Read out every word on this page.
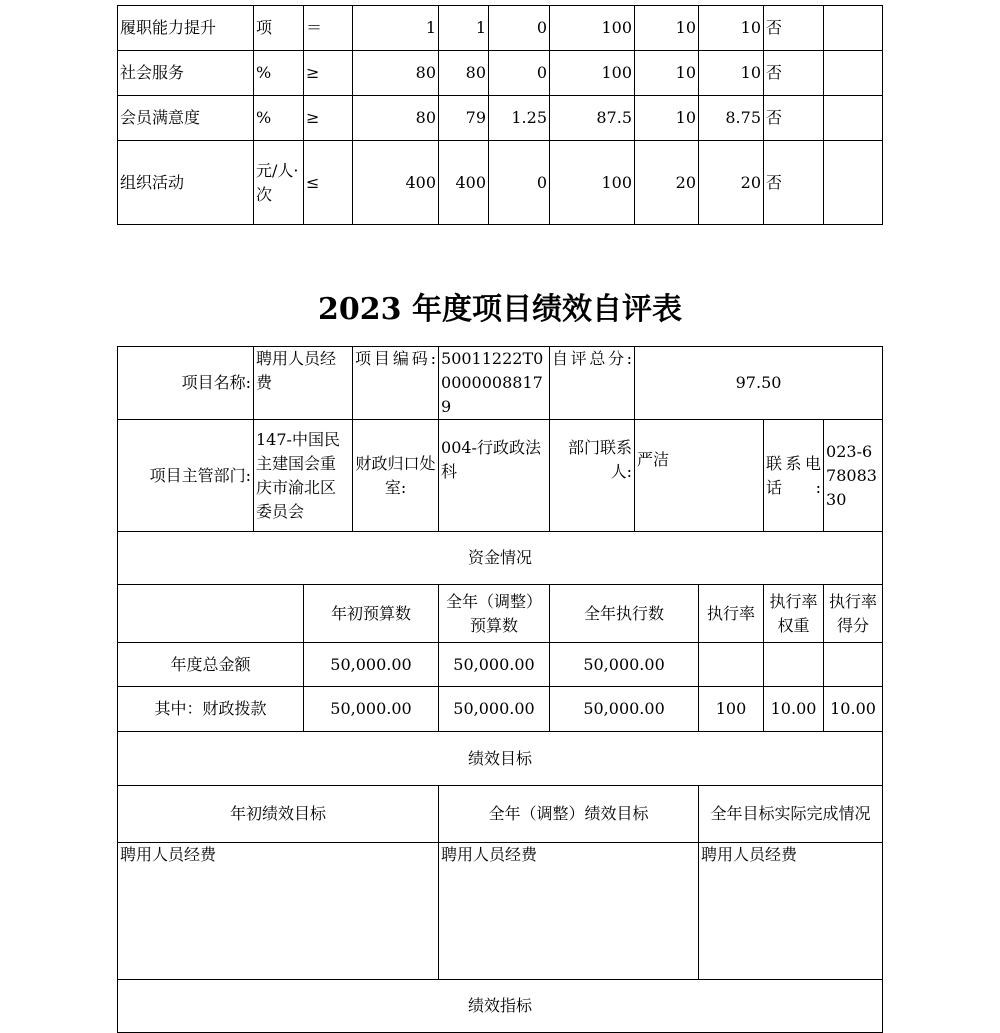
履职能力提升	项	＝	1	1	0	100	10	10	否	
社会服务	%	≥	80	80	0	100	10	10	否	
会员满意度	%	≥	80	79	1.25	87.5	10	8.75	否	
组织活动	元/人·次	≤	400	400	0	100	20	20	否	
2023 年度项目绩效自评表
项目名称:	聘用人员经费		项目编码:	50011222T000000088179	自评总分:	97.50			
项目主管部门:	147-中国民主建国会重庆市渝北区委员会		财政归口处室:	004-行政政法科	部门联系人:	严洁		联系电话:	023-67808330
资金情况									
		年初预算数		全年（调整）预算数	全年执行数		执行率	执行率权重	执行率得分
年度总金额		50,000.00		50,000.00	50,000.00				
其中：财政拨款		50,000.00		50,000.00	50,000.00		100	10.00	10.00
绩效目标									
年初绩效目标				全年（调整）绩效目标			全年目标实际完成情况		
聘用人员经费				聘用人员经费			聘用人员经费		
绩效指标									
